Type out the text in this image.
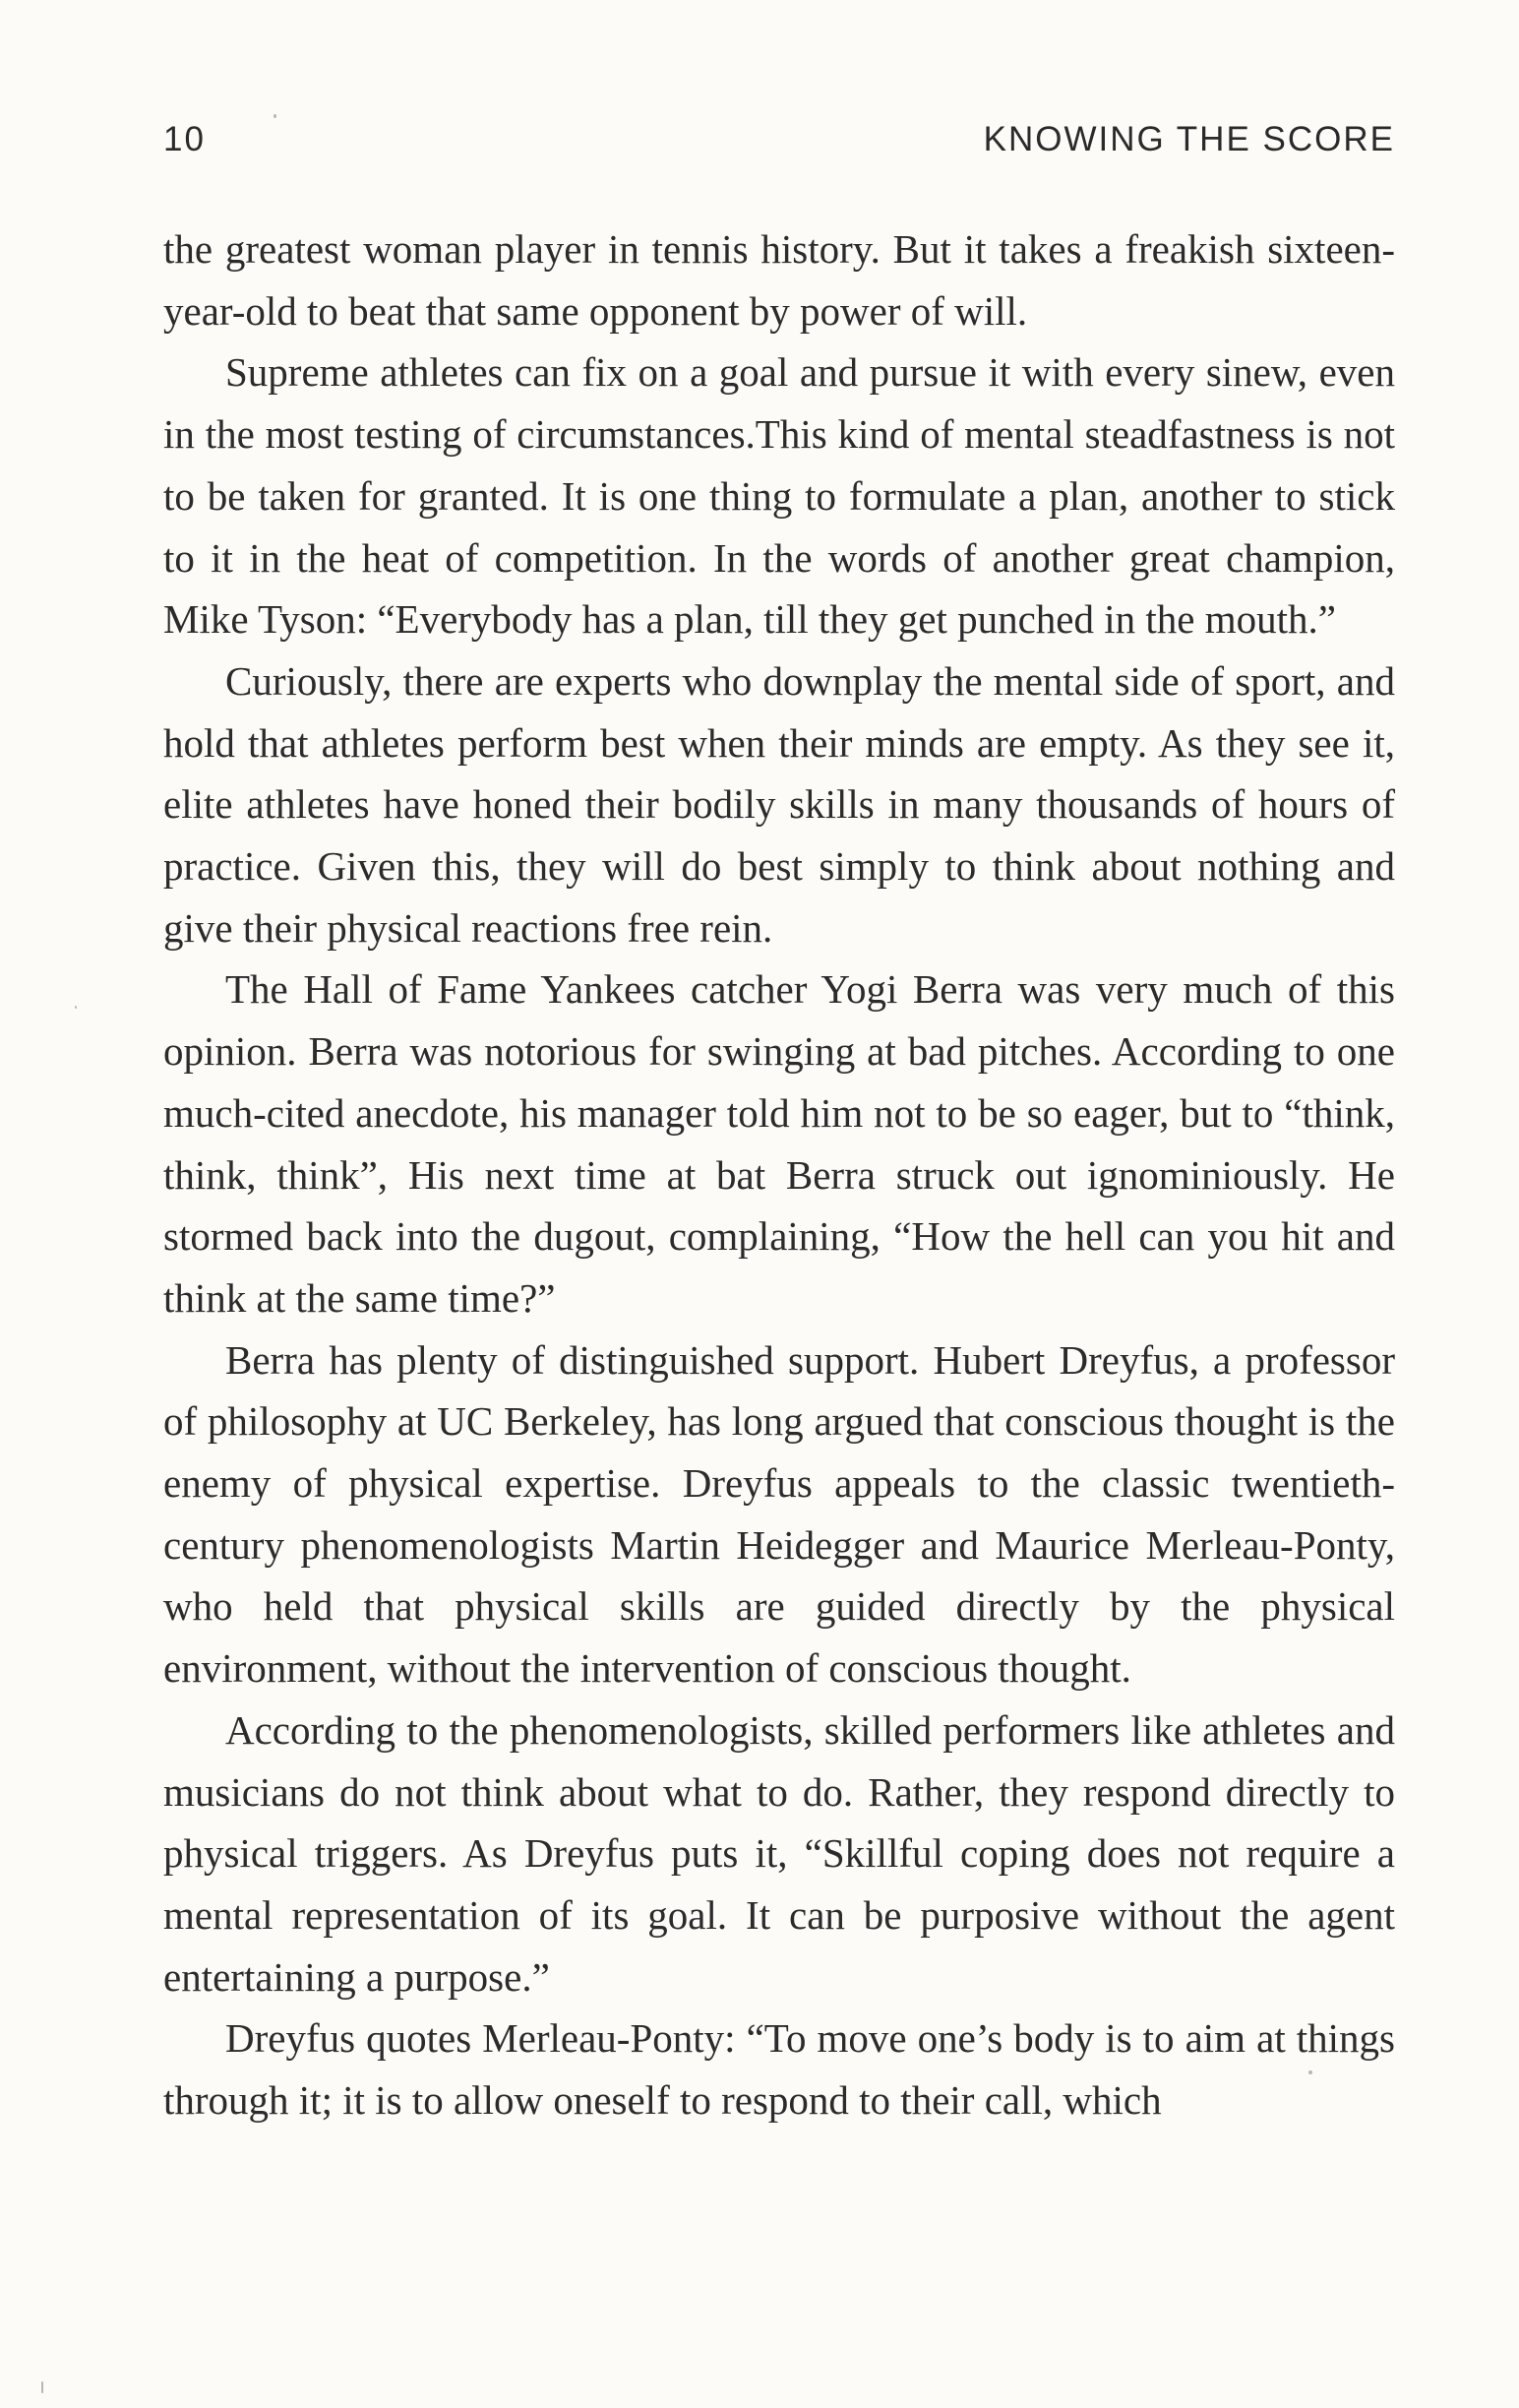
10	KNOWING THE SCORE

the greatest woman player in tennis history. But it takes a freakish sixteen-year-old to beat that same opponent by power of will.

Supreme athletes can fix on a goal and pursue it with every sinew, even in the most testing of circumstances.This kind of mental steadfastness is not to be taken for granted. It is one thing to formulate a plan, another to stick to it in the heat of competition. In the words of another great champion, Mike Tyson: “Everybody has a plan, till they get punched in the mouth.”

Curiously, there are experts who downplay the mental side of sport, and hold that athletes perform best when their minds are empty. As they see it, elite athletes have honed their bodily skills in many thousands of hours of practice. Given this, they will do best simply to think about nothing and give their physical reactions free rein.

The Hall of Fame Yankees catcher Yogi Berra was very much of this opinion. Berra was notorious for swinging at bad pitches. According to one much-cited anecdote, his manager told him not to be so eager, but to “think, think, think”, His next time at bat Berra struck out ignominiously. He stormed back into the dugout, complaining, “How the hell can you hit and think at the same time?”

Berra has plenty of distinguished support. Hubert Dreyfus, a professor of philosophy at UC Berkeley, has long argued that conscious thought is the enemy of physical expertise. Dreyfus appeals to the classic twentieth-century phenomenologists Martin Heidegger and Maurice Merleau-Ponty, who held that physical skills are guided directly by the physical environment, without the intervention of conscious thought.

According to the phenomenologists, skilled performers like athletes and musicians do not think about what to do. Rather, they respond directly to physical triggers. As Dreyfus puts it, “Skillful coping does not require a mental representation of its goal. It can be purposive without the agent entertaining a purpose.”

Dreyfus quotes Merleau-Ponty: “To move one’s body is to aim at things through it; it is to allow oneself to respond to their call, which
